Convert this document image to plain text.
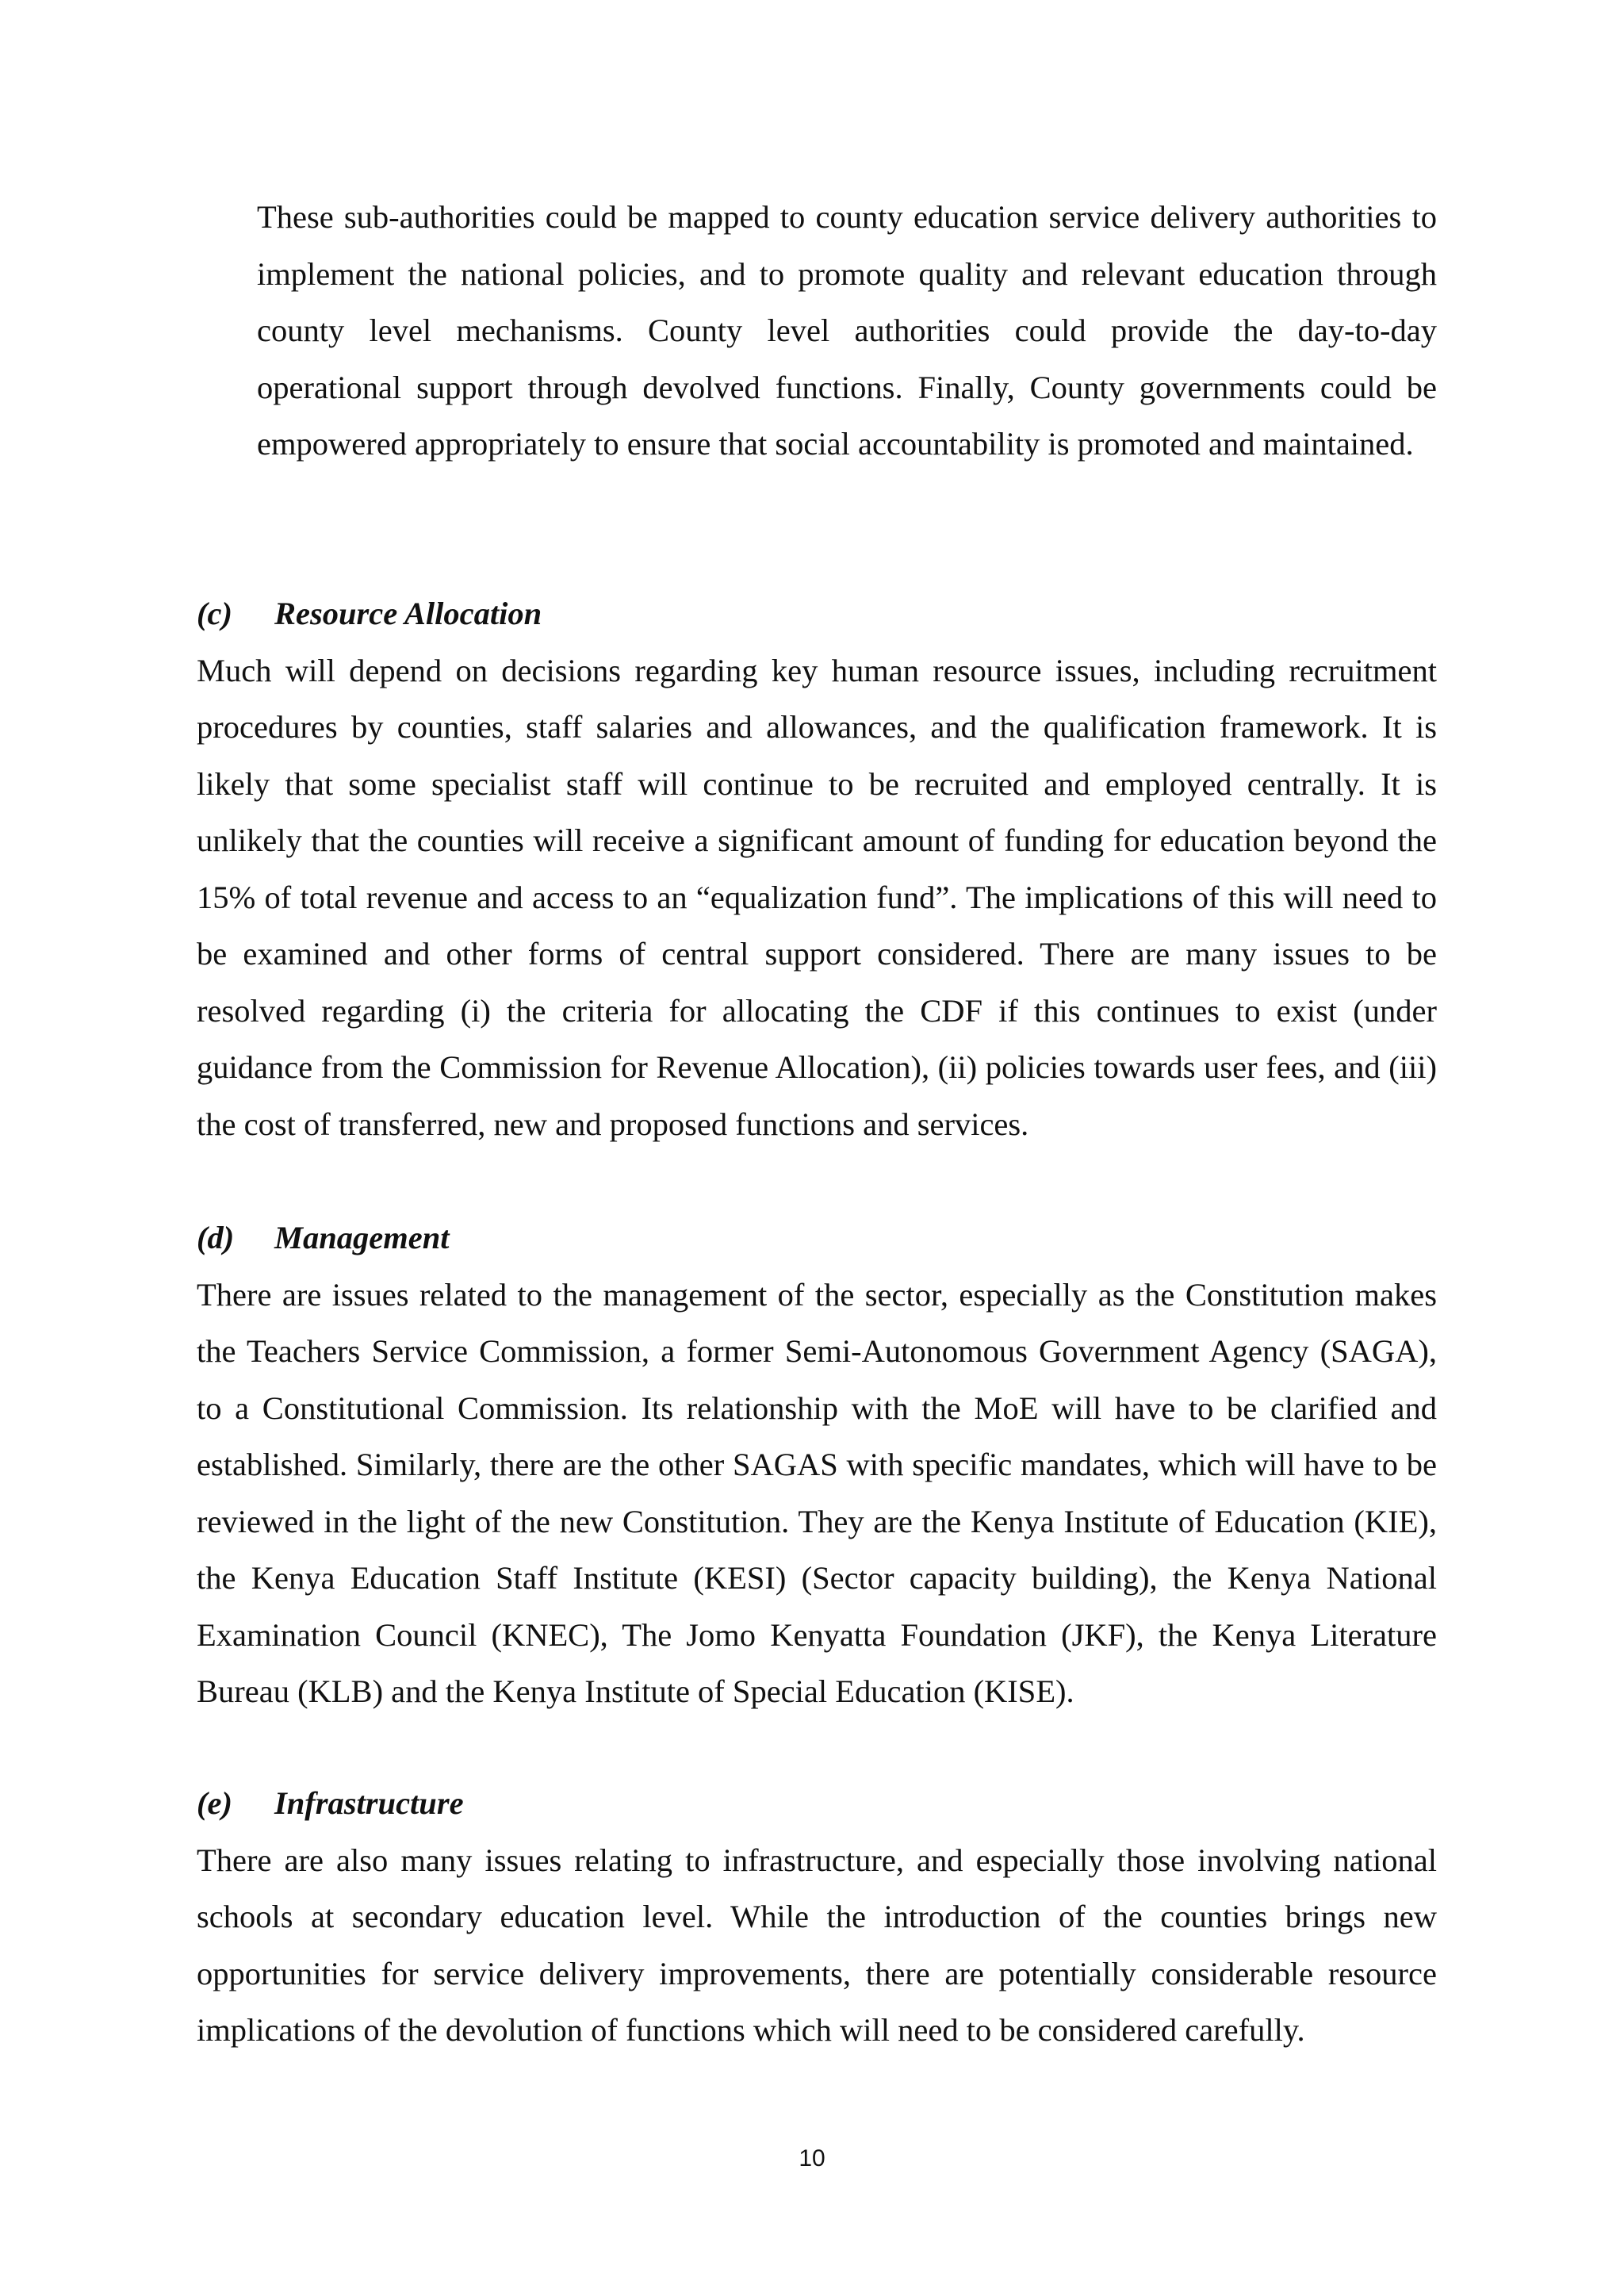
These sub-authorities could be mapped to county education service delivery authorities to implement the national policies, and to promote quality and relevant education through county level mechanisms. County level authorities could provide the day-to-day operational support through devolved functions. Finally, County governments could be empowered appropriately to ensure that social accountability is promoted and maintained.

(c) Resource Allocation

Much will depend on decisions regarding key human resource issues, including recruitment procedures by counties, staff salaries and allowances, and the qualification framework. It is likely that some specialist staff will continue to be recruited and employed centrally. It is unlikely that the counties will receive a significant amount of funding for education beyond the 15% of total revenue and access to an “equalization fund”. The implications of this will need to be examined and other forms of central support considered. There are many issues to be resolved regarding (i) the criteria for allocating the CDF if this continues to exist (under guidance from the Commission for Revenue Allocation), (ii) policies towards user fees, and (iii) the cost of transferred, new and proposed functions and services.

(d) Management

There are issues related to the management of the sector, especially as the Constitution makes the Teachers Service Commission, a former Semi-Autonomous Government Agency (SAGA), to a Constitutional Commission. Its relationship with the MoE will have to be clarified and established. Similarly, there are the other SAGAS with specific mandates, which will have to be reviewed in the light of the new Constitution. They are the Kenya Institute of Education (KIE), the Kenya Education Staff Institute (KESI) (Sector capacity building), the Kenya National Examination Council (KNEC), The Jomo Kenyatta Foundation (JKF), the Kenya Literature Bureau (KLB) and the Kenya Institute of Special Education (KISE).

(e) Infrastructure

There are also many issues relating to infrastructure, and especially those involving national schools at secondary education level. While the introduction of the counties brings new opportunities for service delivery improvements, there are potentially considerable resource implications of the devolution of functions which will need to be considered carefully.

10
